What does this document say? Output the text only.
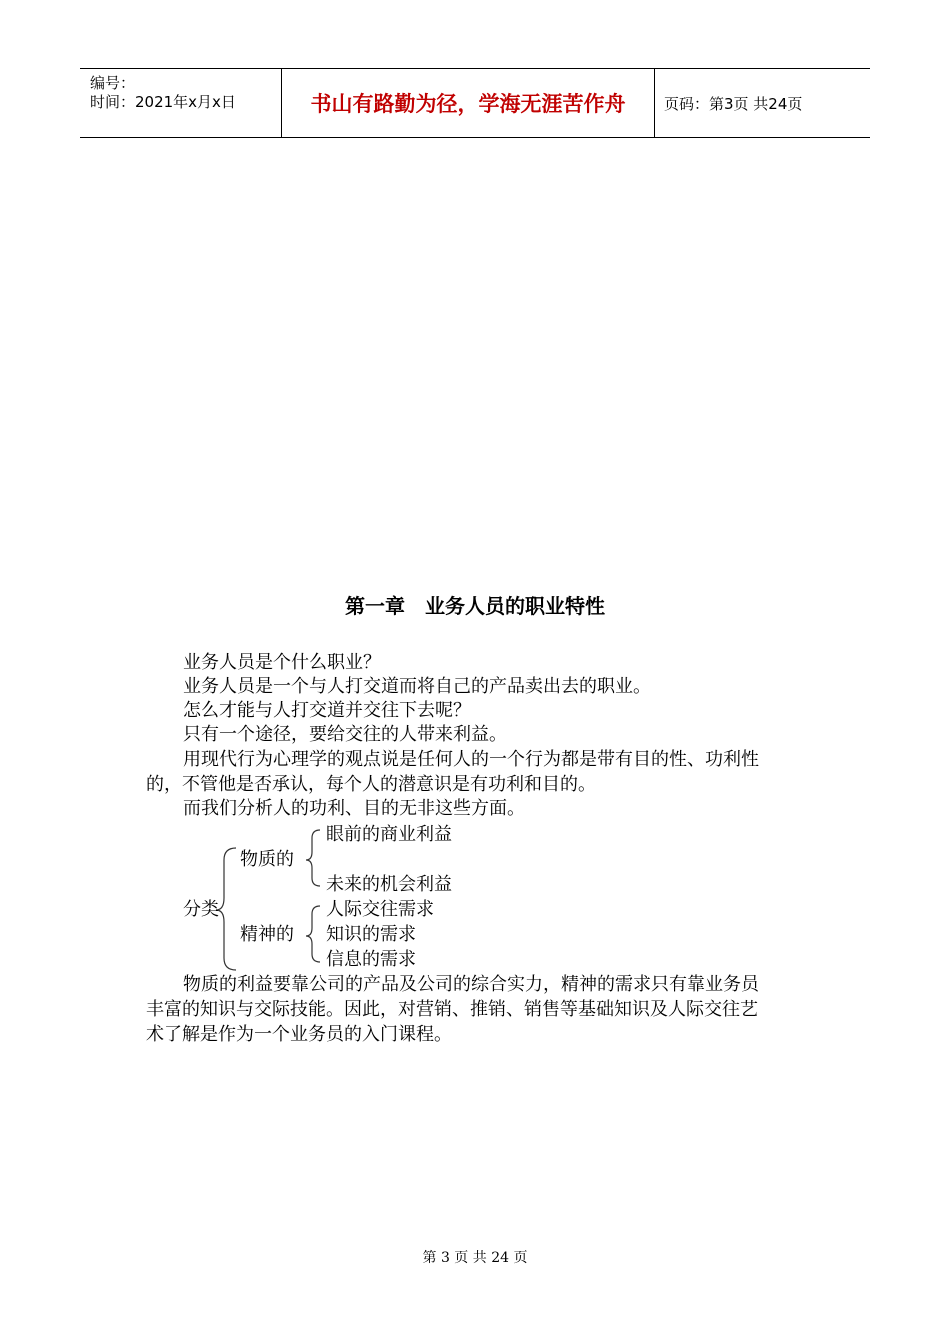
编号：
时间：2021年x月x日	书山有路勤为径，学海无涯苦作舟	页码：第3页 共24页
第一章　业务人员的职业特性
业务人员是个什么职业？
业务人员是一个与人打交道而将自己的产品卖出去的职业。
怎么才能与人打交道并交往下去呢？
只有一个途径，要给交往的人带来利益。
用现代行为心理学的观点说是任何人的一个行为都是带有目的性、功利性
的，不管他是否承认，每个人的潜意识是有功利和目的。
而我们分析人的功利、目的无非这些方面。
分类
物质的
精神的
眼前的商业利益
未来的机会利益
人际交往需求
知识的需求
信息的需求
物质的利益要靠公司的产品及公司的综合实力，精神的需求只有靠业务员
丰富的知识与交际技能。因此，对营销、推销、销售等基础知识及人际交往艺
术了解是作为一个业务员的入门课程。
第 3 页 共 24 页
